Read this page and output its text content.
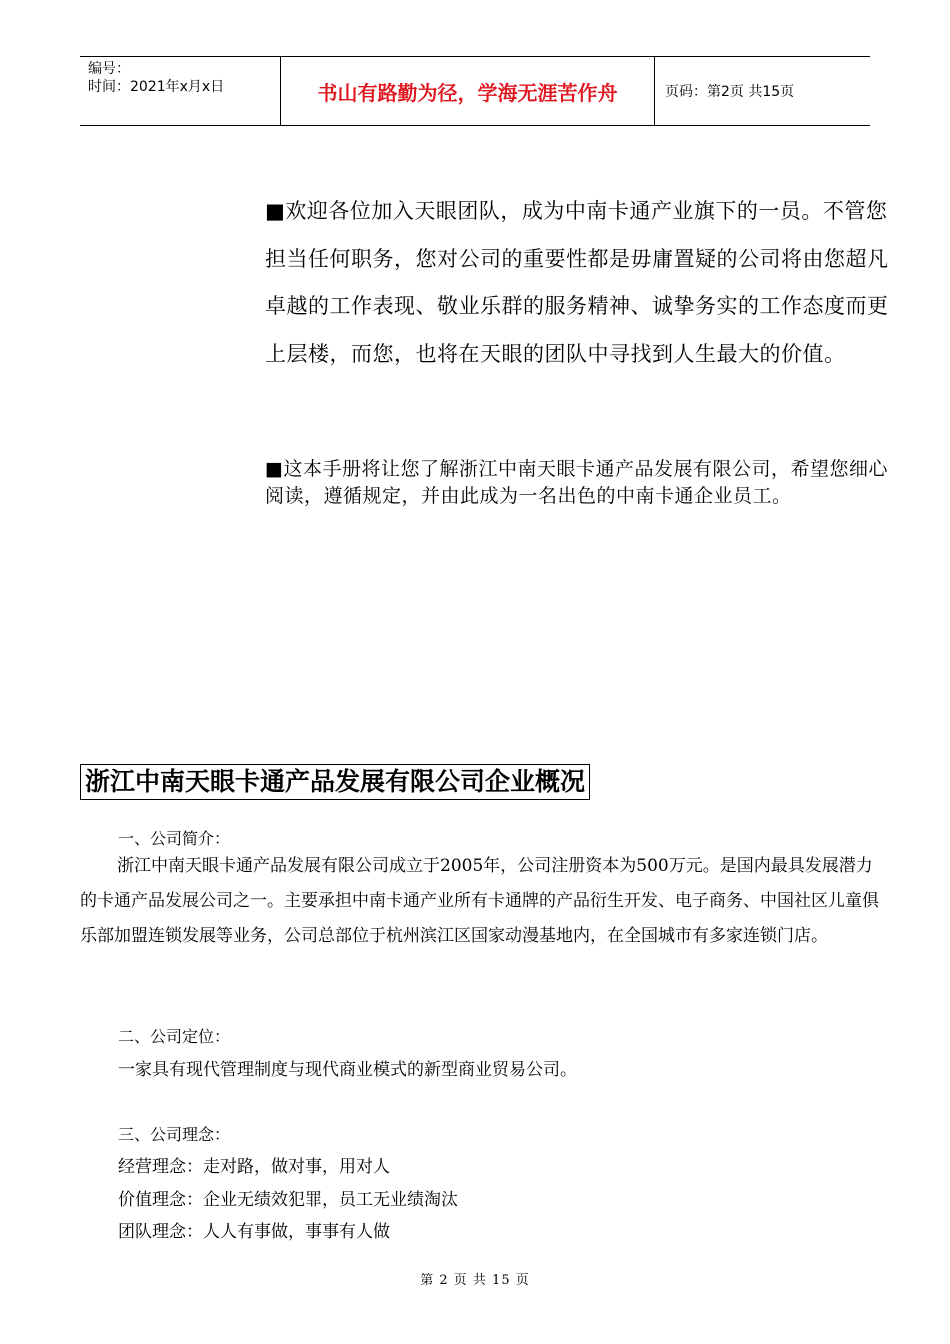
编号：
时间：2021年x月x日	书山有路勤为径，学海无涯苦作舟	页码：第2页 共15页

■欢迎各位加入天眼团队，成为中南卡通产业旗下的一员。不管您担当任何职务，您对公司的重要性都是毋庸置疑的公司将由您超凡卓越的工作表现、敬业乐群的服务精神、诚挚务实的工作态度而更上层楼，而您，也将在天眼的团队中寻找到人生最大的价值。

■这本手册将让您了解浙江中南天眼卡通产品发展有限公司，希望您细心阅读，遵循规定，并由此成为一名出色的中南卡通企业员工。

浙江中南天眼卡通产品发展有限公司企业概况
一、公司简介：
浙江中南天眼卡通产品发展有限公司成立于2005年，公司注册资本为500万元。是国内最具发展潜力的卡通产品发展公司之一。主要承担中南卡通产业所有卡通牌的产品衍生开发、电子商务、中国社区儿童俱乐部加盟连锁发展等业务，公司总部位于杭州滨江区国家动漫基地内，在全国城市有多家连锁门店。
二、公司定位：
一家具有现代管理制度与现代商业模式的新型商业贸易公司。
三、公司理念：
经营理念：走对路，做对事，用对人
价值理念：企业无绩效犯罪，员工无业绩淘汰
团队理念：人人有事做，事事有人做
第 2 页 共 15 页
